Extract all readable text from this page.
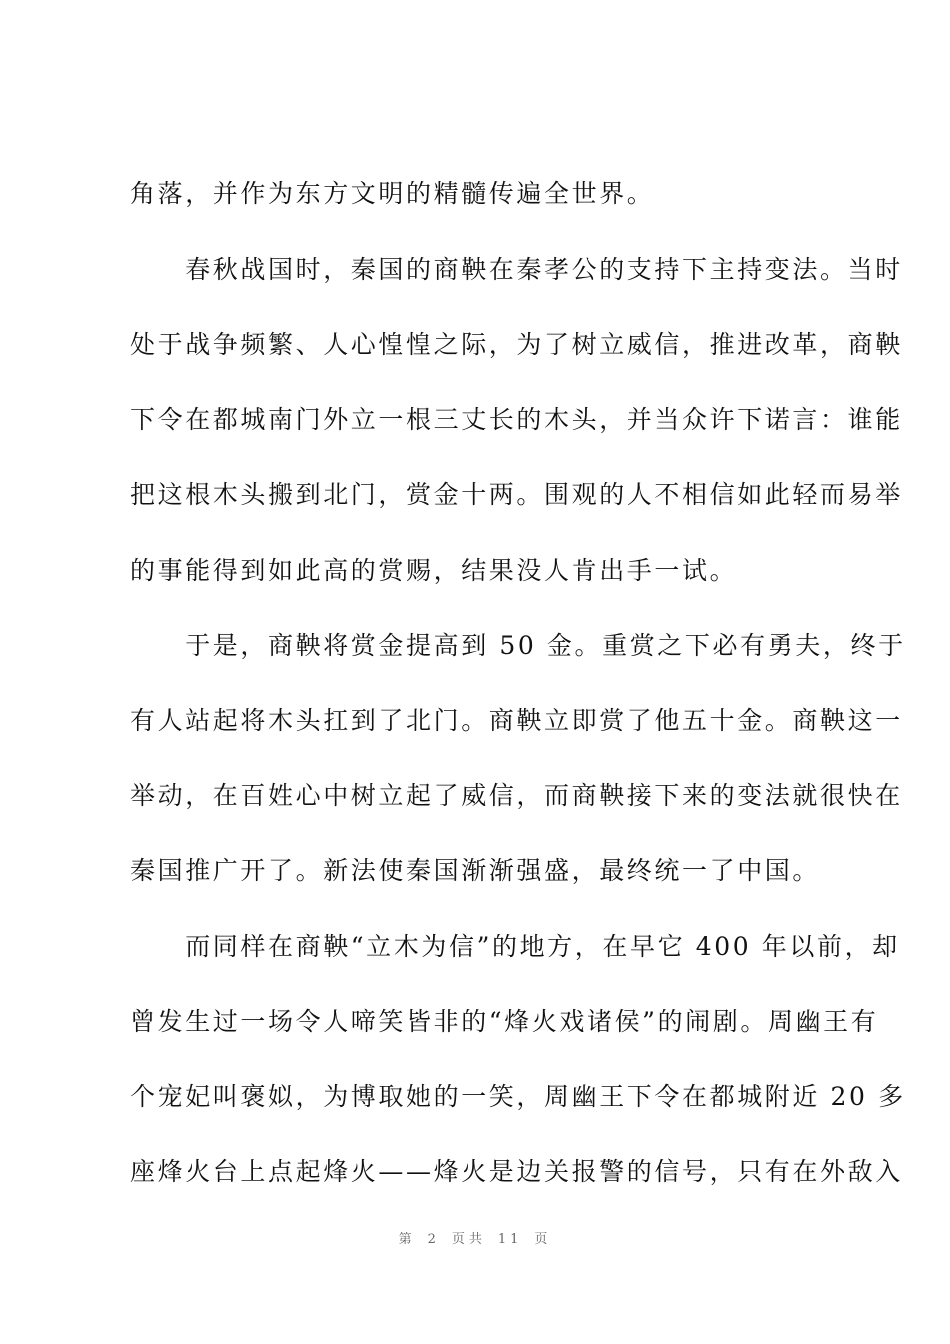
角落，并作为东方文明的精髓传遍全世界。
　　春秋战国时，秦国的商鞅在秦孝公的支持下主持变法。当时
处于战争频繁、人心惶惶之际，为了树立威信，推进改革，商鞅
下令在都城南门外立一根三丈长的木头，并当众许下诺言：谁能
把这根木头搬到北门，赏金十两。围观的人不相信如此轻而易举
的事能得到如此高的赏赐，结果没人肯出手一试。
　　于是，商鞅将赏金提高到 50 金。重赏之下必有勇夫，终于
有人站起将木头扛到了北门。商鞅立即赏了他五十金。商鞅这一
举动，在百姓心中树立起了威信，而商鞅接下来的变法就很快在
秦国推广开了。新法使秦国渐渐强盛，最终统一了中国。
　　而同样在商鞅“立木为信”的地方，在早它 400 年以前，却
曾发生过一场令人啼笑皆非的“烽火戏诸侯”的闹剧。周幽王有
个宠妃叫褒姒，为博取她的一笑，周幽王下令在都城附近 20 多
座烽火台上点起烽火——烽火是边关报警的信号，只有在外敌入
第 2 页共 11 页
